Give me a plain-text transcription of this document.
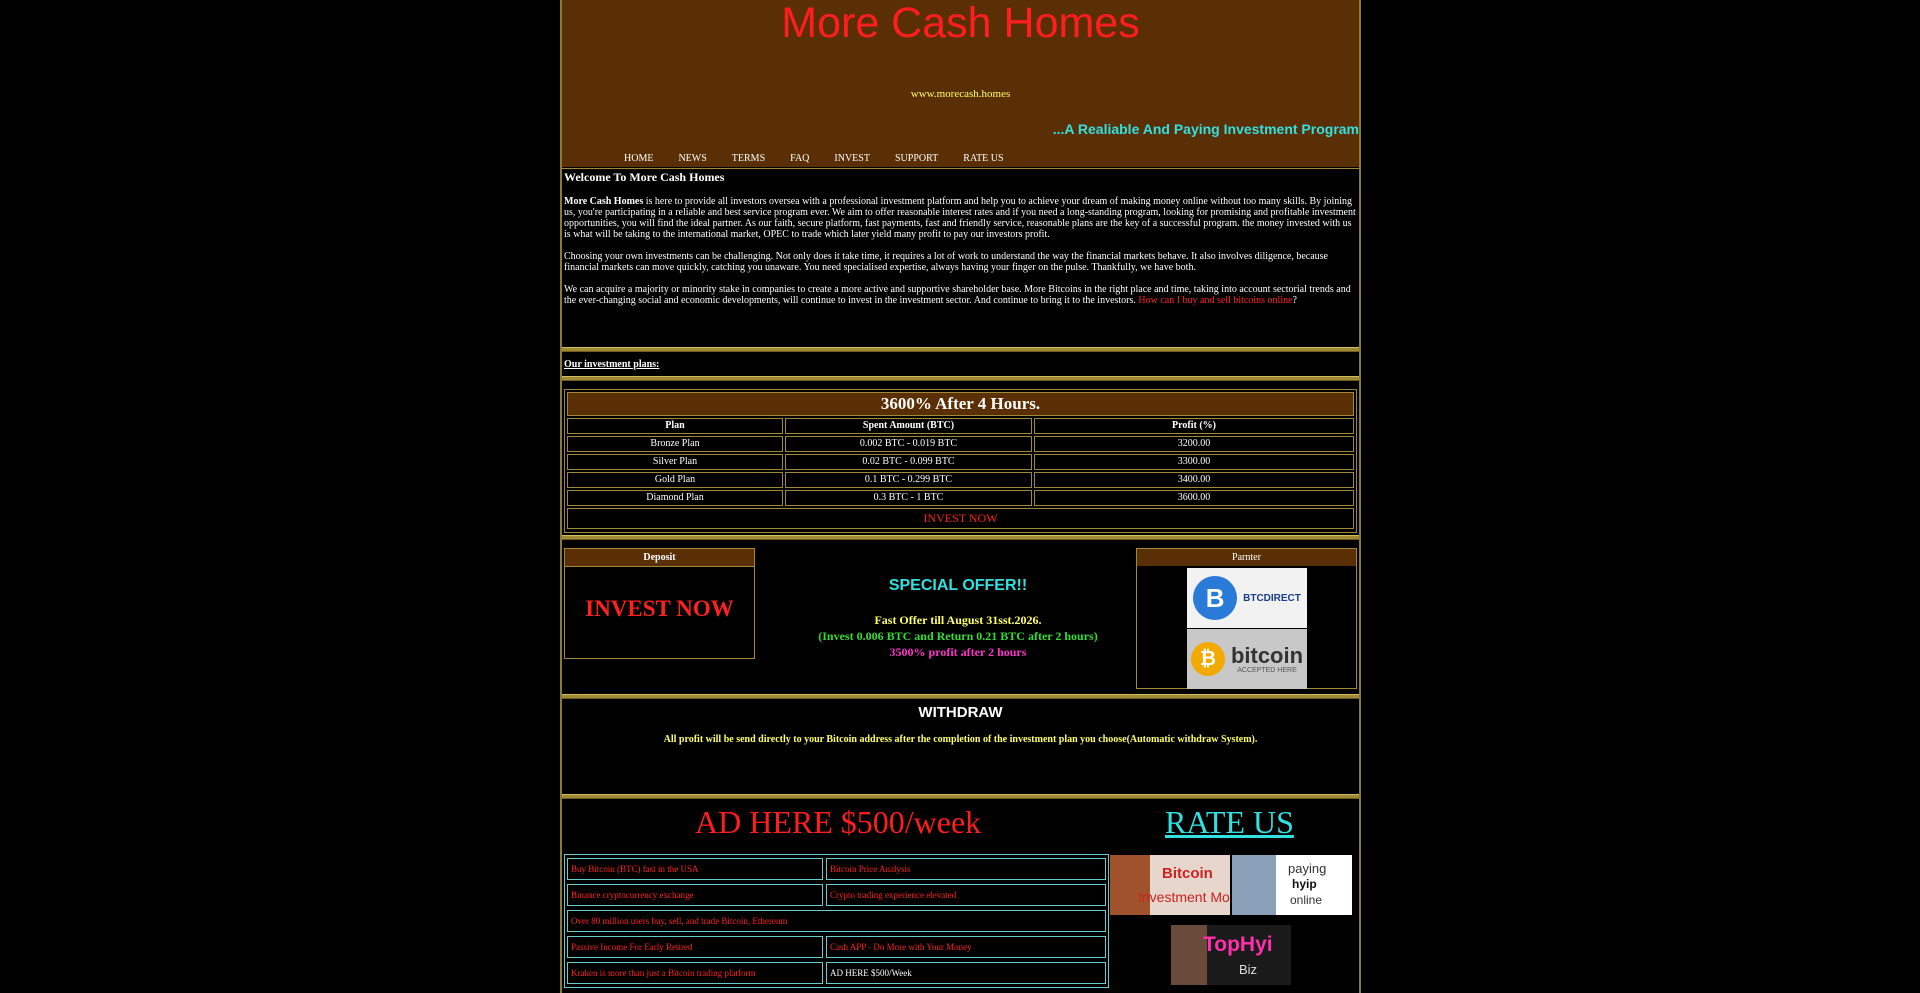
More Cash Homes
www.morecash.homes
...A Realiable And Paying Investment Program
HOME	NEWS	TERMS	FAQ	INVEST	SUPPORT	RATE US
Welcome To More Cash Homes
More Cash Homes is here to provide all investors oversea with a professional investment platform and help you to achieve your dream of making money online without too many skills. By joining us, you're participating in a reliable and best service program ever. We aim to offer reasonable interest rates and if you need a long-standing program, looking for promising and profitable investment opportunities, you will find the ideal partner. As our faith, secure platform, fast payments, fast and friendly service, reasonable plans are the key of a successful program. the money invested with us is what will be taking to the international market, OPEC to trade which later yield many profit to pay our investors profit.
Choosing your own investments can be challenging. Not only does it take time, it requires a lot of work to understand the way the financial markets behave. It also involves diligence, because financial markets can move quickly, catching you unaware. You need specialised expertise, always having your finger on the pulse. Thankfully, we have both.
We can acquire a majority or minority stake in companies to create a more active and supportive shareholder base. More Bitcoins in the right place and time, taking into account sectorial trends and the ever-changing social and economic developments, will continue to invest in the investment sector. And continue to bring it to the investors. How can I buy and sell bitcoins online?
Our investment plans:
3600% After 4 Hours.
Plan	Spent Amount (BTC)	Profit (%)
Bronze Plan	0.002 BTC - 0.019 BTC	3200.00
Silver Plan	0.02 BTC - 0.099 BTC	3300.00
Gold Plan	0.1 BTC - 0.299 BTC	3400.00
Diamond Plan	0.3 BTC - 1 BTC	3600.00
INVEST NOW
Deposit
INVEST NOW
SPECIAL OFFER!!
Fast Offer till August 31sst.2026.
(Invest 0.006 BTC and Return 0.21 BTC after 2 hours)
3500% profit after 2 hours
Parnter
B	BTCDIRECT
₿ bitcoin
ACCEPTED HERE
WITHDRAW
All profit will be send directly to your Bitcoin address after the completion of the investment plan you choose(Automatic withdraw System).
AD HERE $500/week	RATE US
Buy Bitcoin (BTC) fast in the USA	Bitcoin Price Analysis
Binance cryptocurrency exchange	Crypto trading experience elevated
Over 80 million users buy, sell, and trade Bitcoin, Ethereum
Passive Income For Early Retired	Cash APP - Do More with Your Money
Kraken is more than just a Bitcoin trading platform	AD HERE $500/Week
Bitcoin
Investment Mo
paying
hyip
online
TopHyi
Biz
